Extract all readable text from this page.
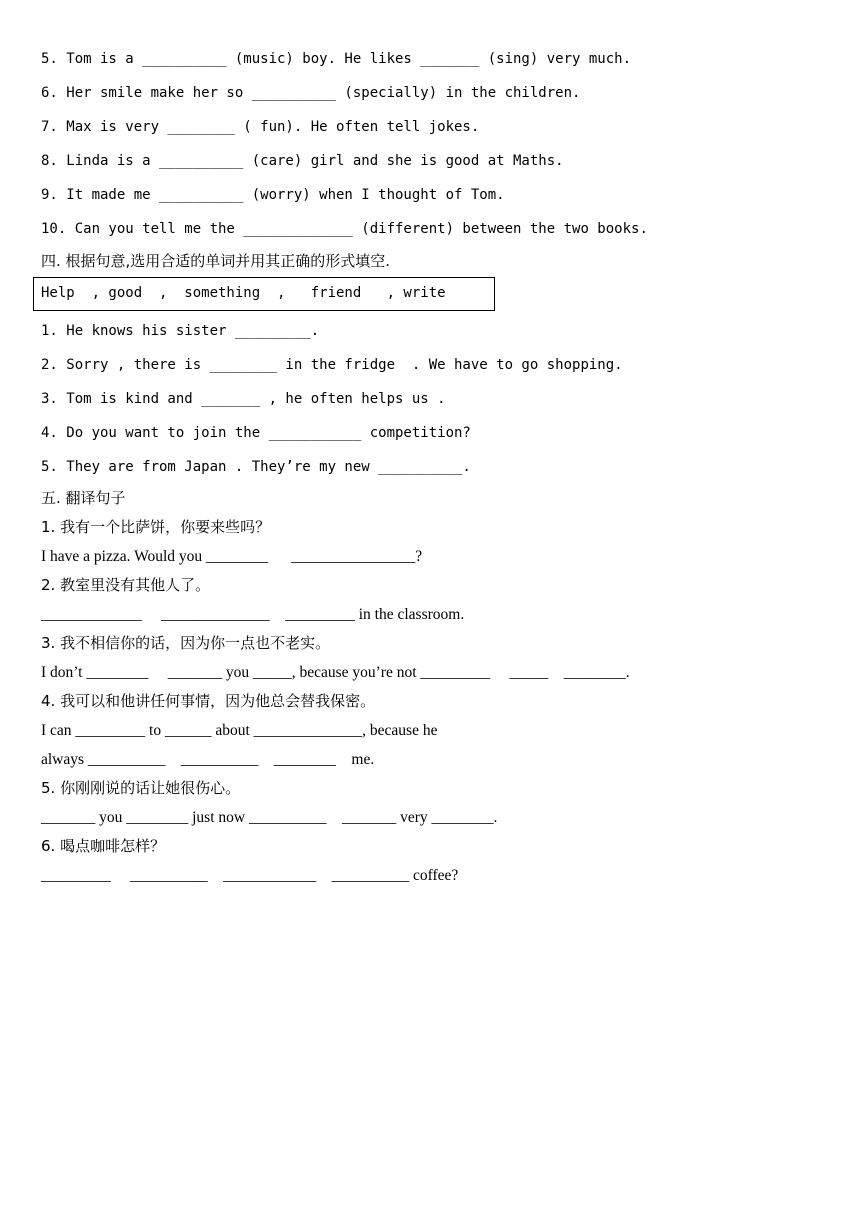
5. Tom is a __________ (music) boy. He likes _______ (sing) very much.
6. Her smile make her so __________ (specially) in the children.
7. Max is very ________ ( fun). He often tell jokes.
8. Linda is a __________ (care) girl and she is good at Maths.
9. It made me __________ (worry) when I thought of Tom.
10. Can you tell me the _____________ (different) between the two books.
四. 根据句意,选用合适的单词并用其正确的形式填空.
Help  , good  ,  something  ,   friend   , write
1. He knows his sister _________.
2. Sorry , there is ________ in the fridge  . We have to go shopping.
3. Tom is kind and _______ , he often helps us .
4. Do you want to join the ___________ competition?
5. They are from Japan . They’re my new __________.
五. 翻译句子
1. 我有一个比萨饼，你要来些吗？
I have a pizza. Would you ________      ________________?
2. 教室里没有其他人了。
_____________     ______________    _________ in the classroom.
3. 我不相信你的话，因为你一点也不老实。
I don’t ________     _______ you _____, because you’re not _________     _____    ________.
4. 我可以和他讲任何事情，因为他总会替我保密。
I can _________ to ______ about ______________, because he
always __________    __________    ________    me.
5. 你刚刚说的话让她很伤心。
_______ you ________ just now __________    _______ very ________.
6. 喝点咖啡怎样？
_________     __________    ____________    __________ coffee?
